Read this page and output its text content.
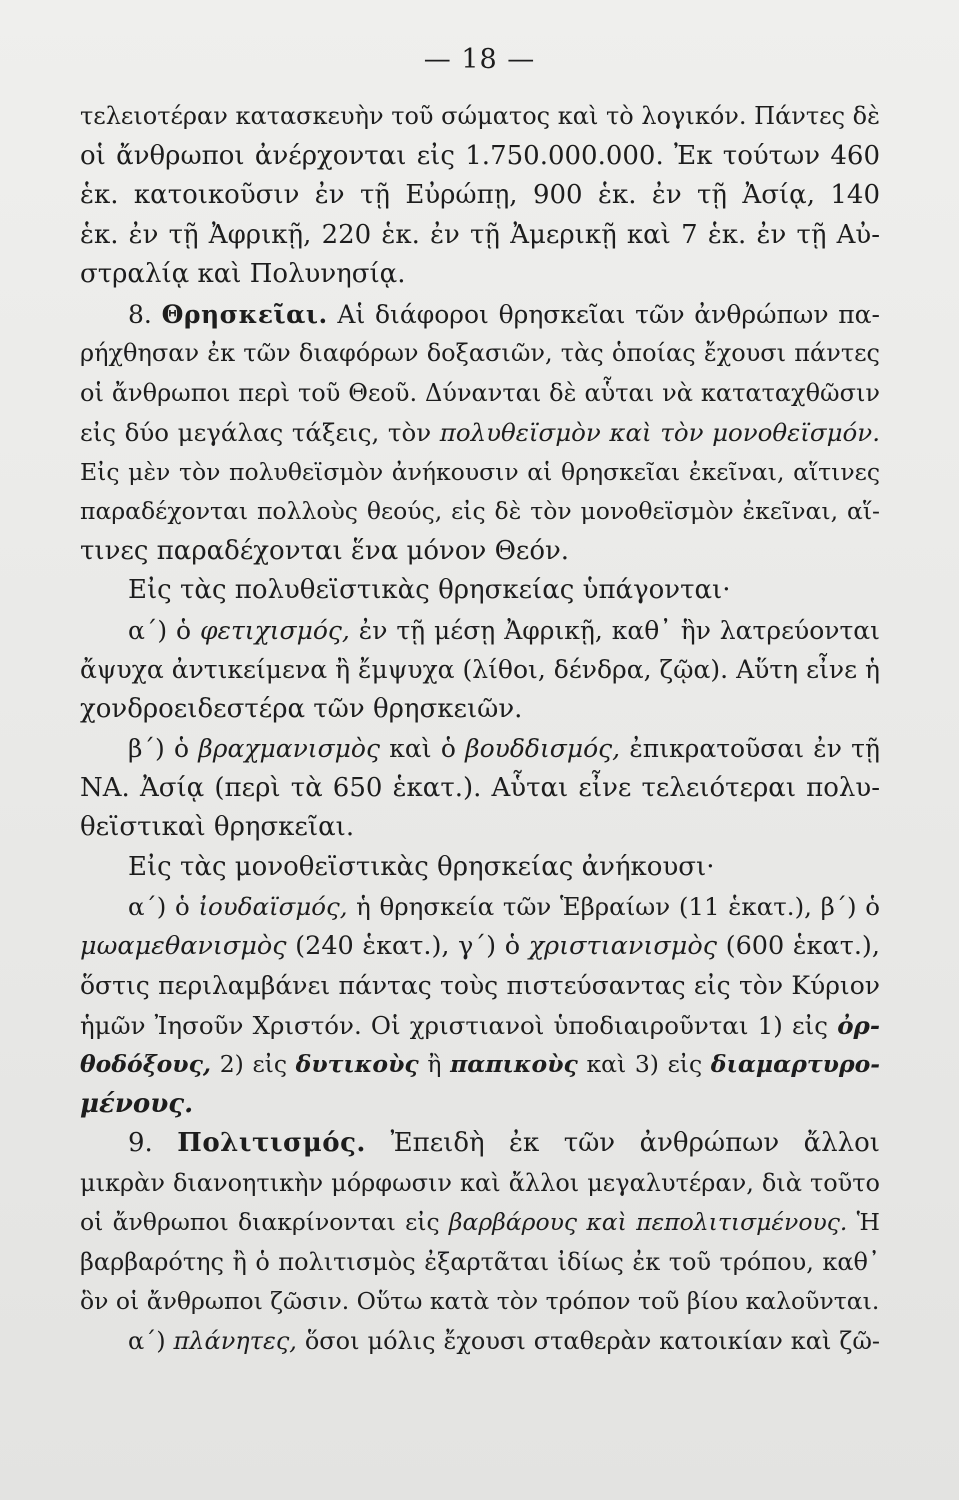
— 18 —
τελειοτέραν κατασκευὴν τοῦ σώματος καὶ τὸ λογικόν. Πάντες δὲ
οἱ ἄνθρωποι ἀνέρχονται εἰς 1.750.000.000. Ἐκ τούτων 460
ἑκ. κατοικοῦσιν ἐν τῇ Εὐρώπῃ, 900 ἑκ. ἐν τῇ Ἀσίᾳ, 140
ἑκ. ἐν τῇ Ἀφρικῇ, 220 ἑκ. ἐν τῇ Ἀμερικῇ καὶ 7 ἑκ. ἐν τῇ Αὐ-
στραλίᾳ καὶ Πολυνησίᾳ.
8. Θρησκεῖαι. Αἱ διάφοροι θρησκεῖαι τῶν ἀνθρώπων πα-
ρήχθησαν ἐκ τῶν διαφόρων δοξασιῶν, τὰς ὁποίας ἔχουσι πάντες
οἱ ἄνθρωποι περὶ τοῦ Θεοῦ. Δύνανται δὲ αὗται νὰ καταταχθῶσιν
εἰς δύο μεγάλας τάξεις, τὸν πολυθεϊσμὸν καὶ τὸν μονοθεϊσμόν.
Εἰς μὲν τὸν πολυθεϊσμὸν ἀνήκουσιν αἱ θρησκεῖαι ἐκεῖναι, αἵτινες
παραδέχονται πολλοὺς θεούς, εἰς δὲ τὸν μονοθεϊσμὸν ἐκεῖναι, αἵ-
τινες παραδέχονται ἕνα μόνον Θεόν.
Εἰς τὰς πολυθεϊστικὰς θρησκείας ὑπάγονται·
α´) ὁ φετιχισμός, ἐν τῇ μέσῃ Ἀφρικῇ, καθ᾿ ἣν λατρεύονται
ἄψυχα ἀντικείμενα ἢ ἔμψυχα (λίθοι, δένδρα, ζῷα). Αὕτη εἶνε ἡ
χονδροειδεστέρα τῶν θρησκειῶν.
β´) ὁ βραχμανισμὸς καὶ ὁ βουδδισμός, ἐπικρατοῦσαι ἐν τῇ
ΝΑ. Ἀσίᾳ (περὶ τὰ 650 ἑκατ.). Αὗται εἶνε τελειότεραι πολυ-
θεϊστικαὶ θρησκεῖαι.
Εἰς τὰς μονοθεϊστικὰς θρησκείας ἀνήκουσι·
α´) ὁ ἰουδαϊσμός, ἡ θρησκεία τῶν Ἑβραίων (11 ἑκατ.), β´) ὁ
μωαμεθανισμὸς (240 ἑκατ.), γ´) ὁ χριστιανισμὸς (600 ἑκατ.),
ὅστις περιλαμβάνει πάντας τοὺς πιστεύσαντας εἰς τὸν Κύριον
ἡμῶν Ἰησοῦν Χριστόν. Οἱ χριστιανοὶ ὑποδιαιροῦνται 1) εἰς ὀρ-
θοδόξους, 2) εἰς δυτικοὺς ἢ παπικοὺς καὶ 3) εἰς διαμαρτυρο-
μένους.
9. Πολιτισμός. Ἐπειδὴ ἐκ τῶν ἀνθρώπων ἄλλοι
μικρὰν διανοητικὴν μόρφωσιν καὶ ἄλλοι μεγαλυτέραν, διὰ τοῦτο
οἱ ἄνθρωποι διακρίνονται εἰς βαρβάρους καὶ πεπολιτισμένους. Ἡ
βαρβαρότης ἢ ὁ πολιτισμὸς ἐξαρτᾶται ἰδίως ἐκ τοῦ τρόπου, καθ᾿
ὃν οἱ ἄνθρωποι ζῶσιν. Οὕτω κατὰ τὸν τρόπον τοῦ βίου καλοῦνται.
α´) πλάνητες, ὅσοι μόλις ἔχουσι σταθερὰν κατοικίαν καὶ ζῶ-
